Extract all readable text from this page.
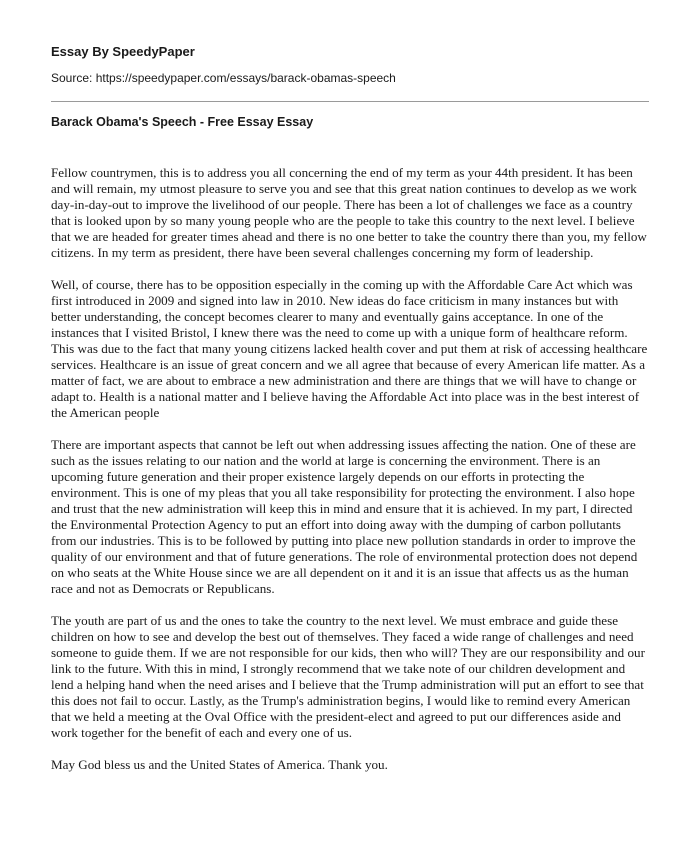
Essay By SpeedyPaper
Source: https://speedypaper.com/essays/barack-obamas-speech
Barack Obama's Speech - Free Essay Essay

Fellow countrymen, this is to address you all concerning the end of my term as your 44th president. It has been and will remain, my utmost pleasure to serve you and see that this great nation continues to develop as we work day-in-day-out to improve the livelihood of our people. There has been a lot of challenges we face as a country that is looked upon by so many young people who are the people to take this country to the next level. I believe that we are headed for greater times ahead and there is no one better to take the country there than you, my fellow citizens. In my term as president, there have been several challenges concerning my form of leadership.

Well, of course, there has to be opposition especially in the coming up with the Affordable Care Act which was first introduced in 2009 and signed into law in 2010. New ideas do face criticism in many instances but with better understanding, the concept becomes clearer to many and eventually gains acceptance. In one of the instances that I visited Bristol, I knew there was the need to come up with a unique form of healthcare reform. This was due to the fact that many young citizens lacked health cover and put them at risk of accessing healthcare services. Healthcare is an issue of great concern and we all agree that because of every American life matter. As a matter of fact, we are about to embrace a new administration and there are things that we will have to change or adapt to. Health is a national matter and I believe having the Affordable Act into place was in the best interest of the American people

There are important aspects that cannot be left out when addressing issues affecting the nation. One of these are such as the issues relating to our nation and the world at large is concerning the environment. There is an upcoming future generation and their proper existence largely depends on our efforts in protecting the environment. This is one of my pleas that you all take responsibility for protecting the environment. I also hope and trust that the new administration will keep this in mind and ensure that it is achieved. In my part, I directed the Environmental Protection Agency to put an effort into doing away with the dumping of carbon pollutants from our industries. This is to be followed by putting into place new pollution standards in order to improve the quality of our environment and that of future generations. The role of environmental protection does not depend on who seats at the White House since we are all dependent on it and it is an issue that affects us as the human race and not as Democrats or Republicans.

The youth are part of us and the ones to take the country to the next level. We must embrace and guide these children on how to see and develop the best out of themselves. They faced a wide range of challenges and need someone to guide them. If we are not responsible for our kids, then who will? They are our responsibility and our link to the future. With this in mind, I strongly recommend that we take note of our children development and lend a helping hand when the need arises and I believe that the Trump administration will put an effort to see that this does not fail to occur. Lastly, as the Trump's administration begins, I would like to remind every American that we held a meeting at the Oval Office with the president-elect and agreed to put our differences aside and work together for the benefit of each and every one of us.

May God bless us and the United States of America. Thank you.
